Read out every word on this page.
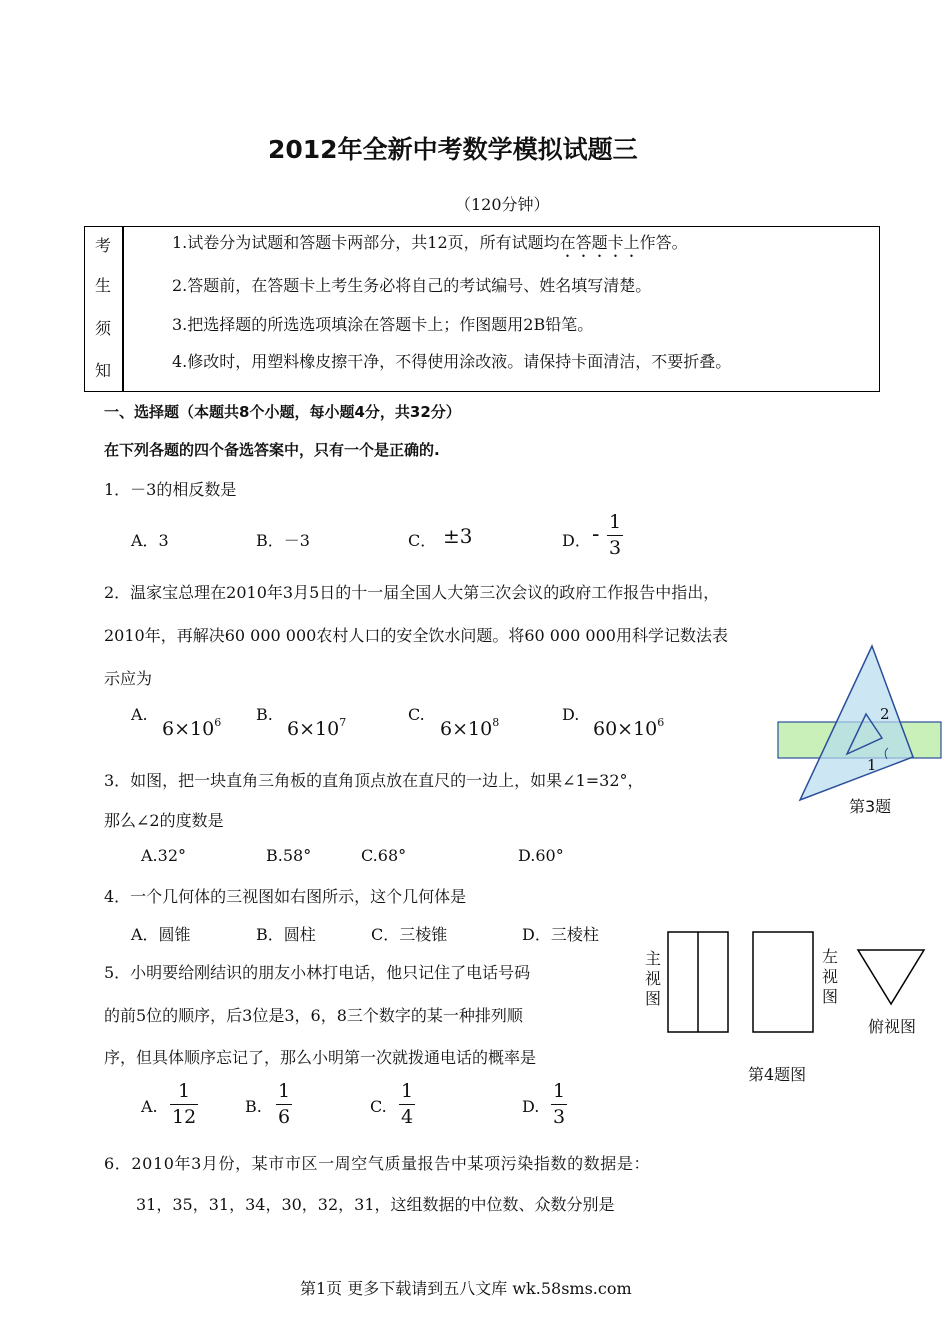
2012年全新中考数学模拟试题三
（120分钟）
考
生
须
知
1.试卷分为试题和答题卡两部分，共12页，所有试题均在答题卡上作答。
2.答题前，在答题卡上考生务必将自己的考试编号、姓名填写清楚。
3.把选择题的所选选项填涂在答题卡上；作图题用2B铅笔。
4.修改时，用塑料橡皮擦干净，不得使用涂改液。请保持卡面清洁，不要折叠。
一、选择题（本题共8个小题，每小题4分，共32分）
在下列各题的四个备选答案中，只有一个是正确的.
1．－3的相反数是
A．3	B．－3	C． ±3	D． - 1
3
2．温家宝总理在2010年3月5日的十一届全国人大第三次会议的政府工作报告中指出，
2010年，再解决60 000 000农村人口的安全饮水问题。将60 000 000用科学记数法表
示应为
A.
$6\times 10^6$ B.
$6\times 10^7$	C.
$6\times 10^8$	D.
$60\times 10^6$	2
1
第3题
3．如图，把一块直角三角板的直角顶点放在直尺的一边上，如果∠1=32°，
那么∠2的度数是
A.32°	B.58°	C.68°	D.60°
4．一个几何体的三视图如右图所示，这个几何体是
A．圆锥	B．圆柱	C．三棱锥	D．三棱柱
主
视
图
左
视
图
俯视图
第4题图
5．小明要给刚结识的朋友小林打电话，他只记住了电话号码
的前5位的顺序，后3位是3，6，8三个数字的某一种排列顺
序，但具体顺序忘记了，那么小明第一次就拨通电话的概率是
A.
1
12	B.
1
6	C.
1
4	D.
1
3
6．2010年3月份，某市市区一周空气质量报告中某项污染指数的数据是：
31，35，31，34，30，32，31，这组数据的中位数、众数分别是
第1页 更多下载请到五八文库 wk.58sms.com
